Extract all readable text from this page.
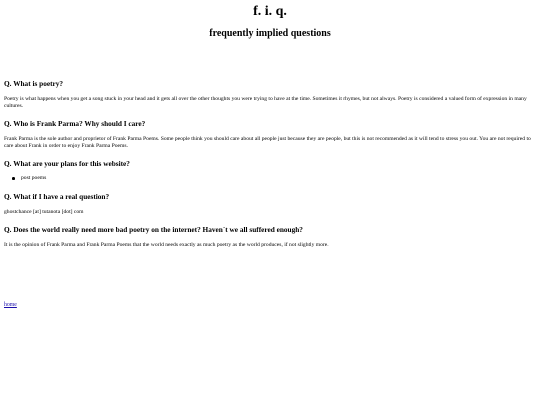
f. i. q.
frequently implied questions
Q. What is poetry?

Poetry is what happens when you get a song stuck in your head and it gets all over the other thoughts you were trying to have at the time. Sometimes it rhymes, but not always. Poetry is considered a valued form of expression in many cultures.

Q. Who is Frank Parma? Why should I care?

Frank Parma is the sole author and proprietor of Frank Parma Poems. Some people think you should care about all people just because they are people, but this is not recommended as it will tend to stress you out. You are not required to care about Frank in order to enjoy Frank Parma Poems.

Q. What are your plans for this website?
post poems
Q. What if I have a real question?

ghostchance [at] tutanota [dot] com

Q. Does the world really need more bad poetry on the internet? Haven`t we all suffered enough?

It is the opinion of Frank Parma and Frank Parma Poems that the world needs exactly as much poetry as the world produces, if not slightly more.

home
